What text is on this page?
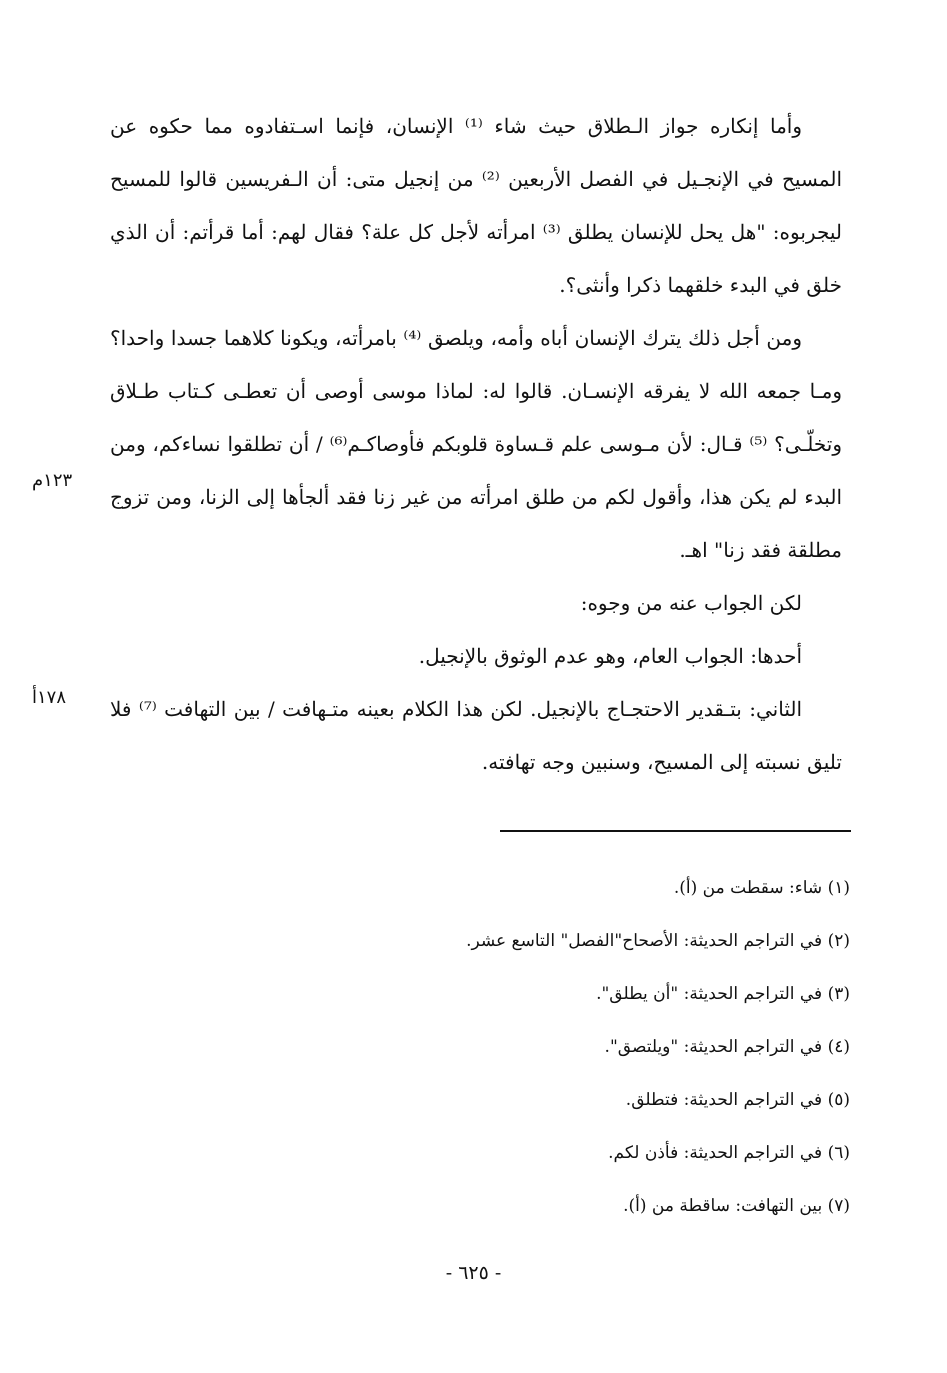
وأما إنكاره جواز الـطلاق حيث شاء ⁽¹⁾ الإنسان، فإنما اسـتفادوه مما حكوه عن المسيح في الإنجـيل في الفصل الأربعين ⁽²⁾ من إنجيل متى: أن الـفريسين قالوا للمسيح ليجربوه: "هل يحل للإنسان يطلق ⁽³⁾ امرأته لأجل كل علة؟ فقال لهم: أما قرأتم: أن الذي خلق في البدء خلقهما ذكرا وأنثى؟.

ومن أجل ذلك يترك الإنسان أباه وأمه، ويلصق ⁽⁴⁾ بامرأته، ويكونا كلاهما جسدا واحدا؟ ومـا جمعه الله لا يفرقه الإنسـان. قالوا له: لماذا موسى أوصى أن تعطـى كـتاب طـلاق وتخلّـى؟ ⁽⁵⁾ قـال: لأن مـوسى علم قـساوة قلوبكم فأوصاكـم⁽⁶⁾ / أن تطلقوا نساءكم، ومن البدء لم يكن هذا، وأقول لكم من طلق امرأته من غير زنا فقد ألجأها إلى الزنا، ومن تزوج مطلقة فقد زنا" اهـ.

لكن الجواب عنه من وجوه:

أحدها: الجواب العام، وهو عدم الوثوق بالإنجيل.

الثاني: بتـقدير الاحتجـاج بالإنجيل. لكن هذا الكلام بعينه متـهافت / بين التهافت ⁽⁷⁾ فلا تليق نسبته إلى المسيح، وسنبين وجه تهافته.

١٢٣م
١٧٨أ

(١) شاء: سقطت من (أ).

(٢) في التراجم الحديثة: الأصحاح"الفصل" التاسع عشر.

(٣) في التراجم الحديثة: "أن يطلق".

(٤) في التراجم الحديثة: "ويلتصق".

(٥) في التراجم الحديثة: فتطلق.

(٦) في التراجم الحديثة: فأذن لكم.

(٧) بين التهافت: ساقطة من (أ).

- ٦٢٥ -
